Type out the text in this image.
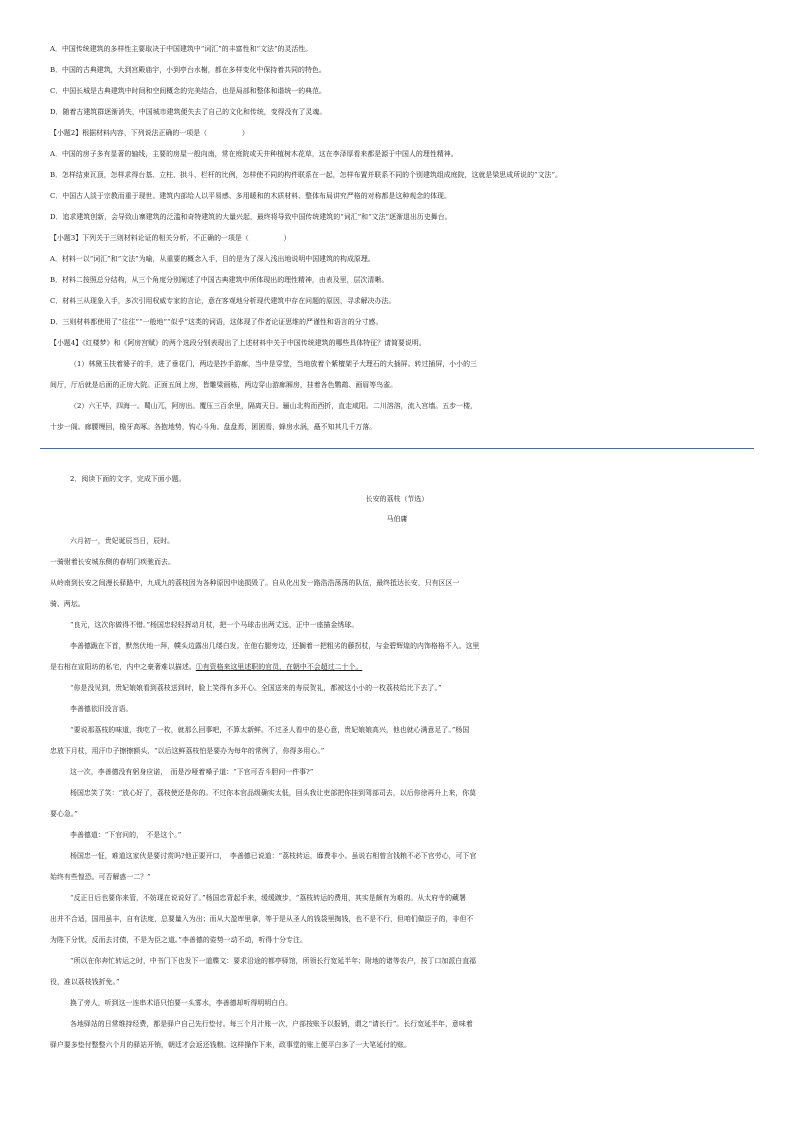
A．中国传统建筑的多样性主要取决于中国建筑中“词汇”的丰富性和“文法”的灵活性。
B．中国的古典建筑，大到宫殿庙宇，小到亭台水榭，都在多样变化中保持着共同的特色。
C．中国长城是古典建筑中时间和空间概念的完美结合，也是局部和整体和谐统一的典范。
D．随着古建筑群逐渐消失，中国城市建筑便失去了自己的文化和传统，变得没有了灵魂。
【小题2】根据材料内容，下列说法正确的一项是（　　　　　）
A．中国的房子多有显著的轴线，主要的房屋一般向南，常在庭院或天井种植树木花草，这在李泽厚看来都是源于中国人的理性精神。
B．怎样结束瓦顶，怎样求得台基、立柱、拱斗、栏杆的比例，怎样使不同的构件联系在一起，怎样布置并联系不同的个别建筑组成庭院，这就是梁思成所说的“文法”。
C．中国古人淡于宗教而重于现世。建筑内部给人以平易感、多用暖和的木质材料、整体布局讲究严格的对称都是这种观念的体现。
D．追求建筑创新，会导致山寨建筑的泛滥和奇特建筑的大量兴起，最终将导致中国传统建筑的“词汇”和“文法”逐渐退出历史舞台。
【小题3】下列关于三则材料论证的相关分析，不正确的一项是（　　　　　）
A．材料一以“词汇”和“文法”为喻，从重要的概念入手，目的是为了深入浅出地说明中国建筑的构成原理。
B．材料二按照总分结构，从三个角度分别阐述了中国古典建筑中所体现出的理性精神，由表及里，层次清晰。
C．材料三从现象入手，多次引用权威专家的言论，意在客观地分析现代建筑中存在问题的原因，寻求解决办法。
D．三则材料都使用了“往往”“一般地”“似乎”这类的词语，这体现了作者论证思维的严谨性和语言的分寸感。
【小题4】《红楼梦》和《阿房宫赋》的两个选段分别表现出了上述材料中关于中国传统建筑的哪些具体特征？请简要说明。
（1）林黛玉扶着婆子的手，进了垂花门，两边是抄手游廊，当中是穿堂，当地放着个紫檀架子大理石的大插屏。转过插屏，小小的三
间厅，厅后就是后面的正房大院。正面五间上房，皆雕梁画栋，两边穿山游廊厢房，挂着各色鹦鹉、画眉等鸟雀。
（2）六王毕，四海一。蜀山兀，阿房出。覆压三百余里，隔离天日。骊山北构而西折，直走咸阳。二川溶溶，流入宫墙。五步一楼，
十步一阁。廊腰缦回，檐牙高啄。各抱地势，钩心斗角。盘盘焉，囷囷焉，蜂房水涡，矗不知其几千万落。
2．阅读下面的文字，完成下面小题。
长安的荔枝（节选）
马伯庸
六月初一，贵妃诞辰当日，辰时。
一骑驸着长安城东侧的春明门疾驰而去。
从岭南到长安之间漫长驿路中，九成九的荔枝因为各种原因中途损毁了。自从化出发一路浩浩荡荡的队伍，最终抵达长安，只有区区一
骑、两坛。
“良元，这次你做得不错。”杨国忠轻轻挥动月杖，把一个马球击出两丈远，正中一座描金绣球。
李善德跪在下首，默然伏地一拜，幞头边露出几缕白发。在他右腿旁边，还搁着一把粗劣的藤拐杖，与金碧辉煌的内饰格格不入。这里
是右相在宣阳坊的私宅，内中之豪奢难以描述。①有资格来这里述职的官员，在朝中不会超过二十个。
“你是没见到，贵妃娘娘看到荔枝送到时，脸上笑得有多开心。全国送来的寿辰贺礼，都被这小小的一枚荔枝给比下去了。”
李善德依旧没言语。
“要说那荔枝的味道，我吃了一枚，就那么回事吧，不算太新鲜。不过圣人看中的是心意，贵妃娘娘高兴，他也就心满意足了。”杨国
忠放下月杖，用汗巾子擦擦额头，“以后这鲜荔枝怕是要办为每年的常例了，你得多用心。”
这一次，李善德没有躬身应诺，　而是沙哑着嗓子道：“下官可否斗胆问一件事?”
杨国忠笑了笑：“放心好了，荔枝使还是你的。不过你本官品级确实太低，回头我让吏部把你挂到驾部司去，以后你徐再升上来，你莫
要心急。”
李善德道：“下官问的，　不是这个。”
杨国忠一怔，难道这家伙是要讨赏吗?他正要开口，　李善德已说道：“荔枝转运，靡费非小。虽说右相曾言钱粮不必下官劳心，可下官
始终有些惶恐。可否解惑一二？”
“反正日后也要你来管，不妨现在说说好了。”杨国忠背起手来，缓缓踱步，“荔枝转运的费用，其实是颇有为难的。从太府寺的藏署
出并不合适，国用虽丰，自有法度，总要量入为出；而从大盈库里拿，等于是从圣人的钱袋里掏钱，也不是不行，但咱们做臣子的，非但不
为陛下分忧，反而去讨债，不是为臣之道。”李善德的姿势一动不动，听得十分专注。
“所以在你奔忙转运之时，中书门下也发下一道牒文：要求沿途的都亭驿馆，所领长行宽延半年；附地的诸等农户，按丁口加派白直福
役，准以荔枝钱折免。”
换了旁人，听到这一连串术语只怕要一头雾水，李善德却听得明明白白。
各地驿站的日常维持经费，都是驿户自己先行垫付。每三个月汁账一次，户部按账予以报销，谓之“请长行”。长行宽延半年，意味着
驿户要多垫付整整六个月的驿站开销，朝廷才会返还钱粮。这样操作下来，政事堂的账上便平白多了一大笔延付的账。
